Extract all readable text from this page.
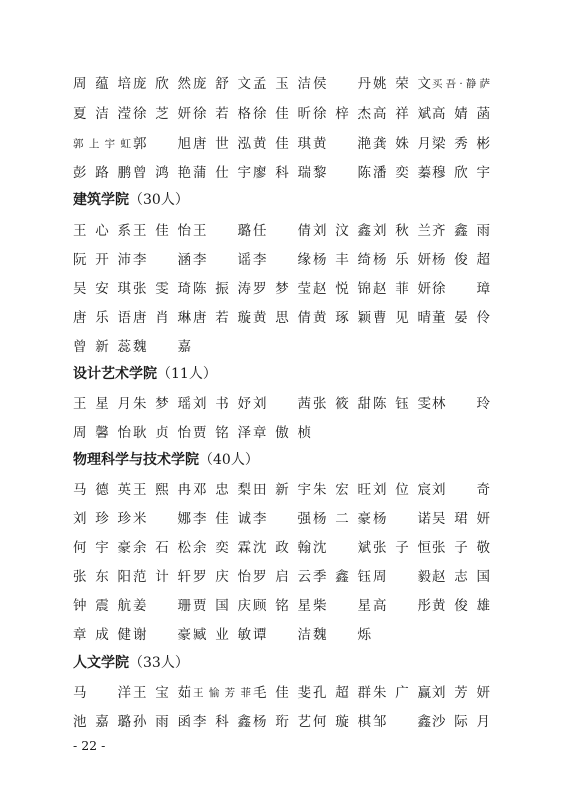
周蕴培 庞欣然 庞舒文 孟玉洁 侯丹 姚荣文 买吾·静萨
夏洁滢 徐芝妍 徐若格 徐佳昕 徐梓杰 高祥斌 高婧菡
郭上宇虹 郭旭 唐世泓 黄佳琪 黄滟 龚姝月 梁秀彬
彭路鹏 曾鸿艳 蒲仕宇 廖科瑞 黎陈 潘奕蓁 穆欣宇
建筑学院（30人）
王心系 王佳怡 王璐 任倩 刘汶鑫 刘秋兰 齐鑫雨
阮开沛 李涵 李谣 李缘 杨丰绮 杨乐妍 杨俊超
吴安琪 张雯琦 陈振涛 罗梦莹 赵悦锦 赵菲妍 徐璋
唐乐语 唐肖琳 唐若璇 黄思倩 黄琢颖 曹见晴 董晏伶
曾新蕊 魏嘉
设计艺术学院（11人）
王星月 朱梦瑶 刘书妤 刘茜 张筱甜 陈钰雯 林玲
周馨怡 耿贞怡 贾铭泽 章傲桢
物理科学与技术学院（40人）
马德英 王熙冉 邓忠梨 田新宇 朱宏旺 刘位宸 刘奇
刘珍珍 米娜 李佳诚 李强 杨二豪 杨诺 吴珺妍
何宇豪 余石松 余奕霖 沈政翰 沈斌 张子恒 张子敬
张东阳 范计轩 罗庆怡 罗启云 季鑫钰 周毅 赵志国
钟震航 姜珊 贾国庆 顾铭星 柴星 高彤 黄俊雄
章成健 谢豪 臧业敏 谭洁 魏烁
人文学院（33人）
马洋 王宝茹 王愉芳菲 毛佳斐 孔超群 朱广赢 刘芳妍
池嘉璐 孙雨函 李科鑫 杨珩艺 何璇棋 邹鑫 沙际月
- 22 -
